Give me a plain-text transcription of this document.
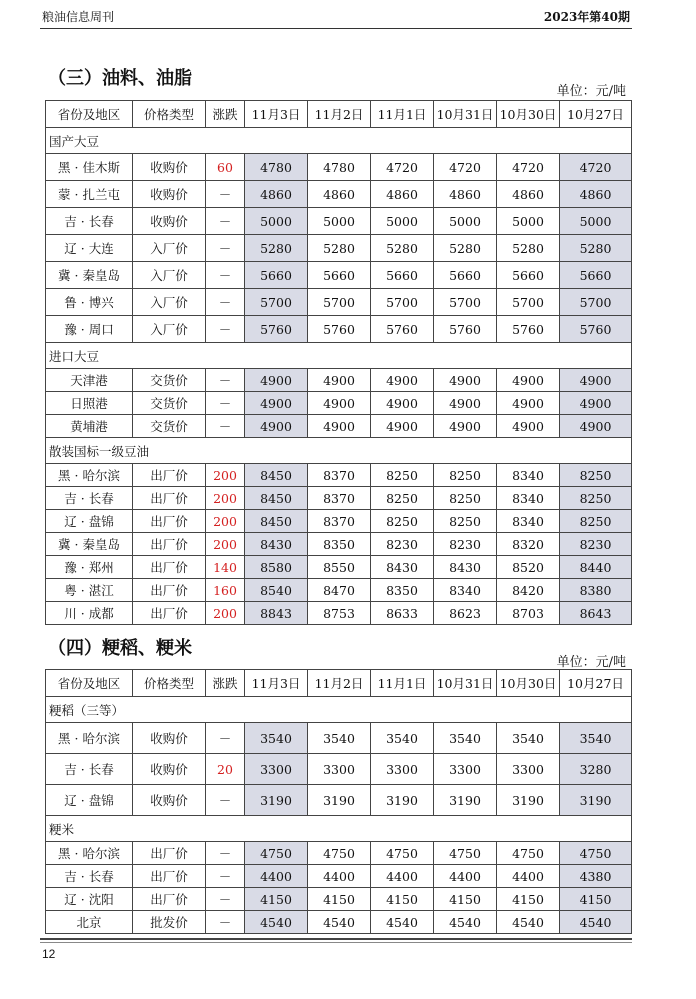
粮油信息周刊	2023年第40期
（三）油料、油脂
单位：元/吨
省份及地区	价格类型	涨跌	11月3日	11月2日	11月1日	10月31日	10月30日	10月27日
国产大豆								
黑 · 佳木斯	收购价	60	4780	4780	4720	4720	4720	4720
蒙 · 扎兰屯	收购价	－	4860	4860	4860	4860	4860	4860
吉 · 长春	收购价	－	5000	5000	5000	5000	5000	5000
辽 · 大连	入厂价	－	5280	5280	5280	5280	5280	5280
冀 · 秦皇岛	入厂价	－	5660	5660	5660	5660	5660	5660
鲁 · 博兴	入厂价	－	5700	5700	5700	5700	5700	5700
豫 · 周口	入厂价	－	5760	5760	5760	5760	5760	5760
进口大豆								
天津港	交货价	－	4900	4900	4900	4900	4900	4900
日照港	交货价	－	4900	4900	4900	4900	4900	4900
黄埔港	交货价	－	4900	4900	4900	4900	4900	4900
散装国标一级豆油								
黑 · 哈尔滨	出厂价	200	8450	8370	8250	8250	8340	8250
吉 · 长春	出厂价	200	8450	8370	8250	8250	8340	8250
辽 · 盘锦	出厂价	200	8450	8370	8250	8250	8340	8250
冀 · 秦皇岛	出厂价	200	8430	8350	8230	8230	8320	8230
豫 · 郑州	出厂价	140	8580	8550	8430	8430	8520	8440
粤 · 湛江	出厂价	160	8540	8470	8350	8340	8420	8380
川 · 成都	出厂价	200	8843	8753	8633	8623	8703	8643
（四）粳稻、粳米
单位：元/吨
省份及地区	价格类型	涨跌	11月3日	11月2日	11月1日	10月31日	10月30日	10月27日
粳稻（三等）								
黑 · 哈尔滨	收购价	－	3540	3540	3540	3540	3540	3540
吉 · 长春	收购价	20	3300	3300	3300	3300	3300	3280
辽 · 盘锦	收购价	－	3190	3190	3190	3190	3190	3190
粳米								
黑 · 哈尔滨	出厂价	－	4750	4750	4750	4750	4750	4750
吉 · 长春	出厂价	－	4400	4400	4400	4400	4400	4380
辽 · 沈阳	出厂价	－	4150	4150	4150	4150	4150	4150
北京	批发价	－	4540	4540	4540	4540	4540	4540
12
